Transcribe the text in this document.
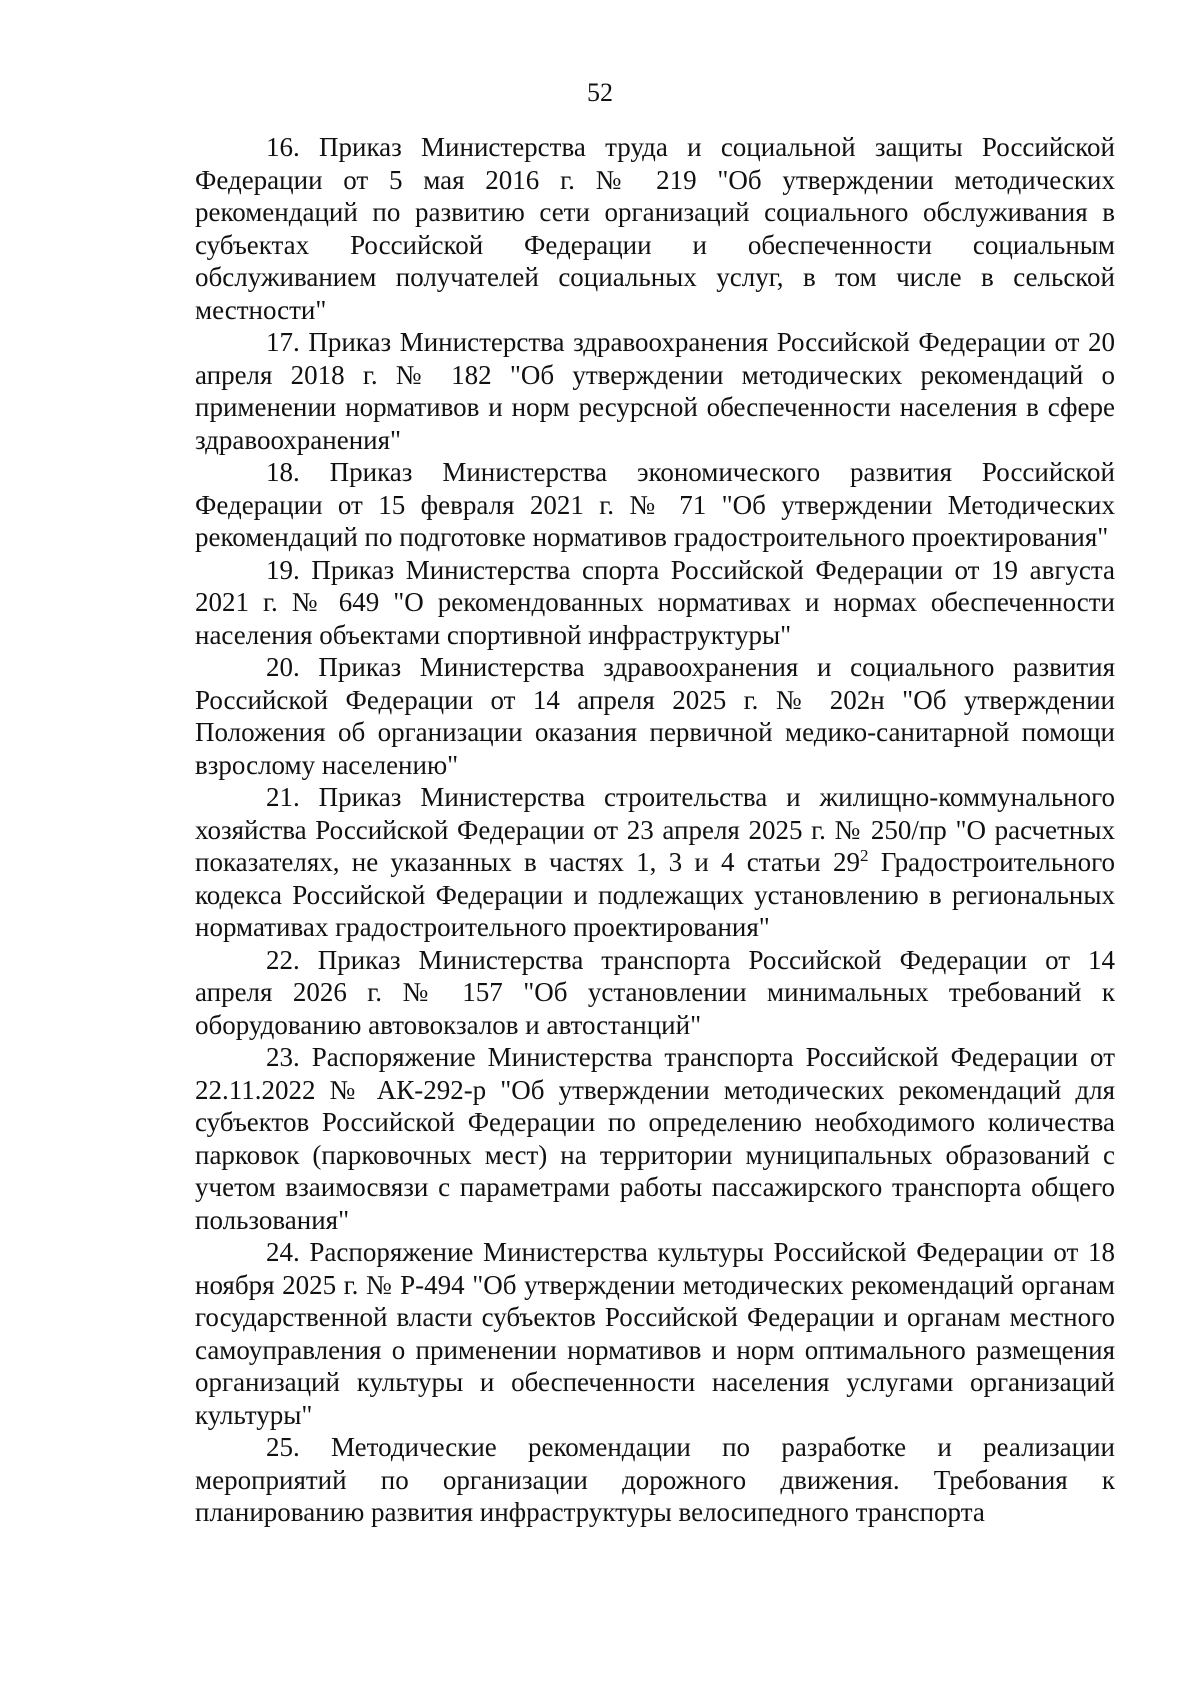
52

16. Приказ Министерства труда и социальной защиты Российской Федерации от 5 мая 2016 г. № 219 "Об утверждении методических рекомендаций по развитию сети организаций социального обслуживания в субъектах Российской Федерации и обеспеченности социальным обслуживанием получателей социальных услуг, в том числе в сельской местности"

17. Приказ Министерства здравоохранения Российской Федерации от 20 апреля 2018 г. № 182 "Об утверждении методических рекомендаций о применении нормативов и норм ресурсной обеспеченности населения в сфере здравоохранения"

18. Приказ Министерства экономического развития Российской Федерации от 15 февраля 2021 г. № 71 "Об утверждении Методических рекомендаций по подготовке нормативов градостроительного проектирования"

19. Приказ Министерства спорта Российской Федерации от 19 августа 2021 г. № 649 "О рекомендованных нормативах и нормах обеспеченности населения объектами спортивной инфраструктуры"

20. Приказ Министерства здравоохранения и социального развития Российской Федерации от 14 апреля 2025 г. № 202н "Об утверждении Положения об организации оказания первичной медико-санитарной помощи взрослому населению"

21. Приказ Министерства строительства и жилищно-коммунального хозяйства Российской Федерации от 23 апреля 2025 г. № 250/пр "О расчетных показателях, не указанных в частях 1, 3 и 4 статьи $29^2$ Градостроительного кодекса Российской Федерации и подлежащих установлению в региональных нормативах градостроительного проектирования"

22. Приказ Министерства транспорта Российской Федерации от 14 апреля 2026 г. № 157 "Об установлении минимальных требований к оборудованию автовокзалов и автостанций"

23. Распоряжение Министерства транспорта Российской Федерации от 22.11.2022 № АК-292-р "Об утверждении методических рекомендаций для субъектов Российской Федерации по определению необходимого количества парковок (парковочных мест) на территории муниципальных образований с учетом взаимосвязи с параметрами работы пассажирского транспорта общего пользования"

24. Распоряжение Министерства культуры Российской Федерации от 18 ноября 2025 г. № Р-494 "Об утверждении методических рекомендаций органам государственной власти субъектов Российской Федерации и органам местного самоуправления о применении нормативов и норм оптимального размещения организаций культуры и обеспеченности населения услугами организаций культуры"

25. Методические рекомендации по разработке и реализации мероприятий по организации дорожного движения. Требования к планированию развития инфраструктуры велосипедного транспорта
